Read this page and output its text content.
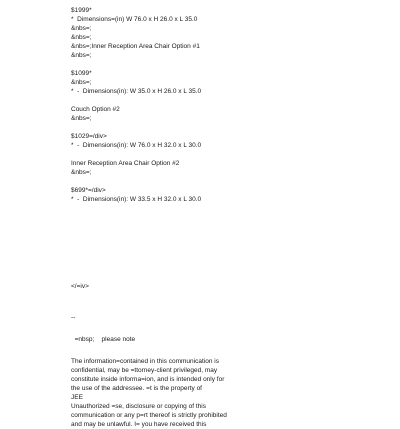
$1999*
*  Dimensions=(in) W 76.0 x H 26.0 x L 35.0
&nbs=;
&nbs=;
&nbs=;Inner Reception Area Chair Option #1
&nbs=;
$1099*
&nbs=;
*  -  Dimensions(in): W 35.0 x H 26.0 x L 35.0
Couch Option #2
&nbs=;
$1029=/div>
*  -  Dimensions(in): W 76.0 x H 32.0 x L 30.0
Inner Reception Area Chair Option #2
&nbs=;
$699*=/div>
*  -  Dimensions(in): W 33.5 x H 32.0 x L 30.0
</=iv>
--
=nbsp;    please note
The information=contained in this communication is
confidential, may be =ttorney-client privileged, may
constitute inside informa=ion, and is intended only for
the use of the addressee. =t is the property of
JEE
Unauthorized =se, disclosure or copying of this
communication or any p=rt thereof is strictly prohibited
and may be unlawful. I= you have received this
